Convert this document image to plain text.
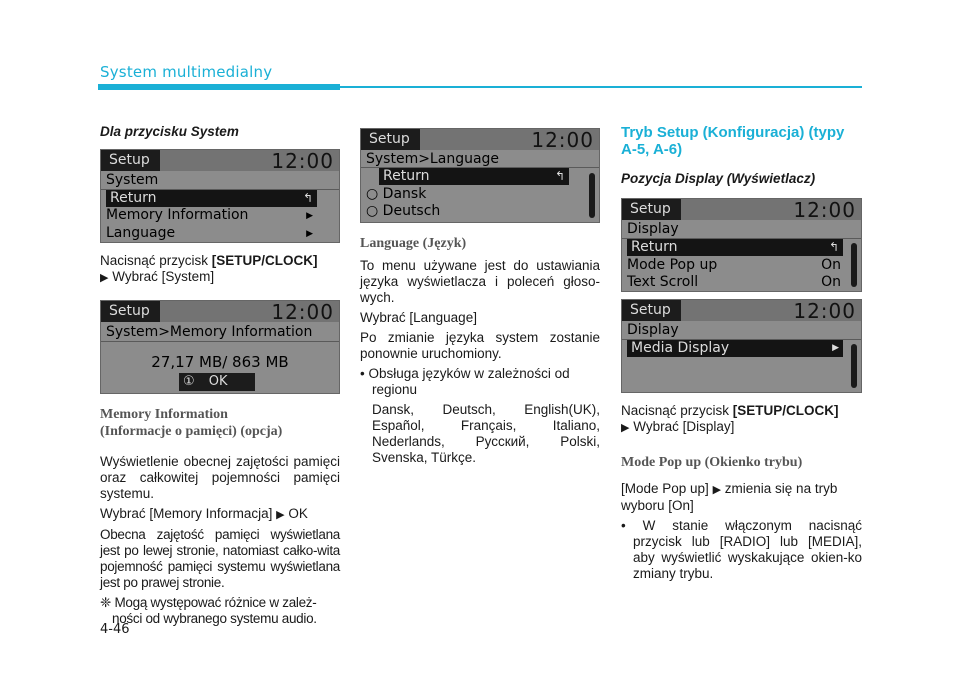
System multimedialny
Dla przycisku System
Setup	12:00
System
Return	↰
Memory Information	▶
Language	▶

Nacisnąć przycisk [SETUP/CLOCK]
▶ Wybrać [System]

Setup	12:00
System>Memory Information
27,17 MB/ 863 MB
① OK
Memory Information
(Informacje o pamięci) (opcja)

Wyświetlenie obecnej zajętości pamięci oraz całkowitej pojemności pamięci systemu.

Wybrać [Memory Informacja] ▶ OK

Obecna zajętość pamięci wyświetlana jest po lewej stronie, natomiast całko-wita pojemność pamięci systemu wyświetlana jest po prawej stronie.

❈ Mogą występować różnice w zależ-ności od wybranego systemu audio.

Setup	12:00
System>Language
Return	↰
○ Dansk
○ Deutsch
Language (Język)

To menu używane jest do ustawiania języka wyświetlacza i poleceń głoso-wych.

Wybrać [Language]

Po zmianie języka system zostanie ponownie uruchomiony.

• Obsługa języków w zależności od regionu

Dansk, Deutsch, English(UK), Español, Français, Italiano, Nederlands, Русский, Polski, Svenska, Türkçe.

Tryb Setup (Konfiguracja) (typy A-5, A-6)
Pozycja Display (Wyświetlacz)
Setup	12:00
Display
Return	↰
Mode Pop up	On
Text Scroll	On
Setup	12:00
Display
Media Display	▶

Nacisnąć przycisk [SETUP/CLOCK]
▶ Wybrać [Display]

Mode Pop up (Okienko trybu)

[Mode Pop up] ▶ zmienia się na tryb wyboru [On]

• W stanie włączonym nacisnąć przycisk lub [RADIO] lub [MEDIA], aby wyświetlić wyskakujące okien-ko zmiany trybu.

4-46
